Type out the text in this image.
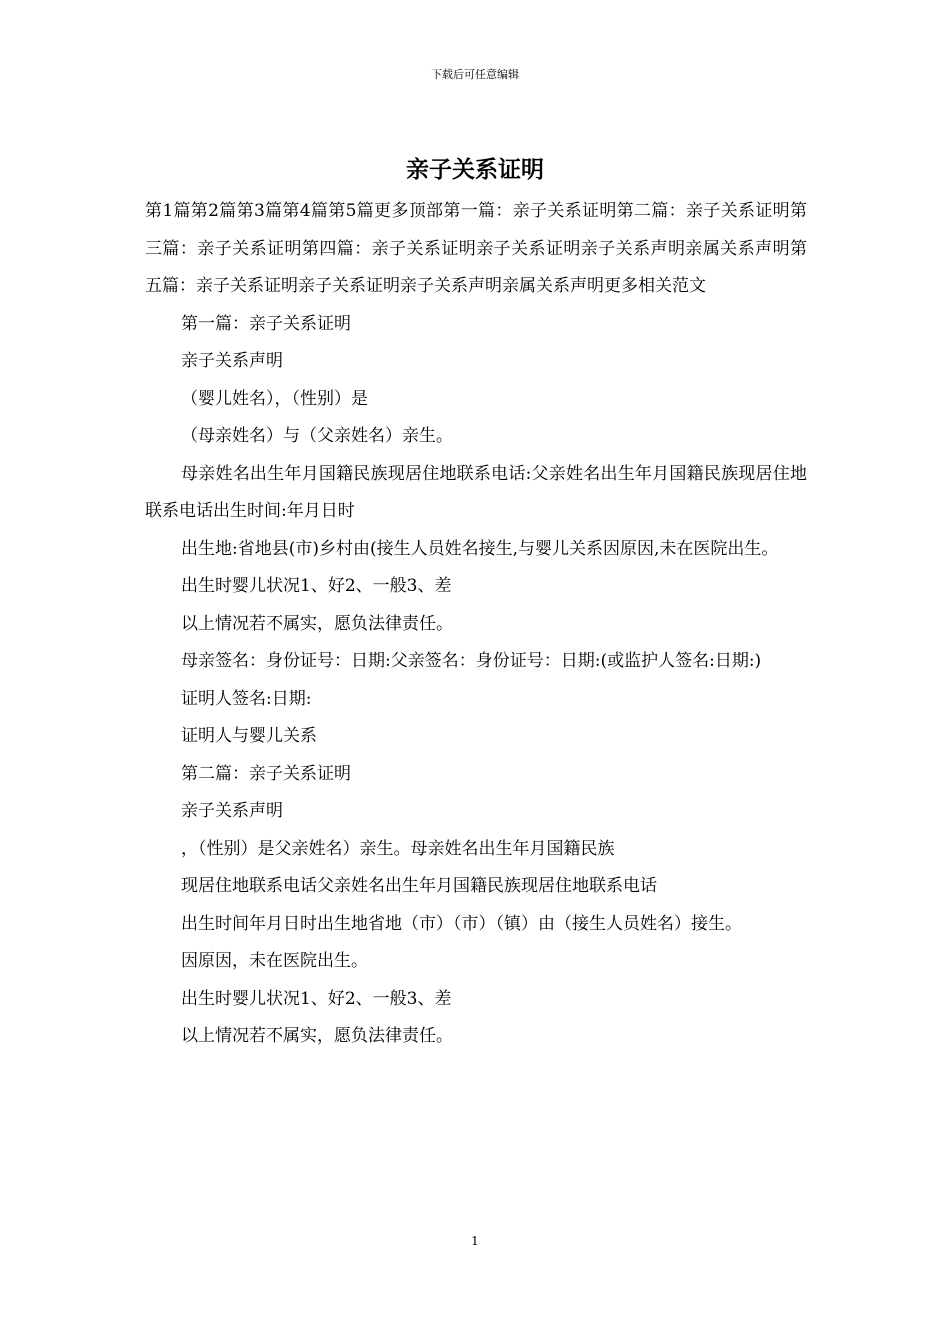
下载后可任意编辑
亲子关系证明

第1篇第2篇第3篇第4篇第5篇更多顶部第一篇：亲子关系证明第二篇：亲子关系证明第三篇：亲子关系证明第四篇：亲子关系证明亲子关系证明亲子关系声明亲属关系声明第五篇：亲子关系证明亲子关系证明亲子关系声明亲属关系声明更多相关范文

第一篇：亲子关系证明

亲子关系声明

（婴儿姓名），（性别）是

（母亲姓名）与（父亲姓名）亲生。

母亲姓名出生年月国籍民族现居住地联系电话:父亲姓名出生年月国籍民族现居住地联系电话出生时间:年月日时

出生地:省地县(市)乡村由(接生人员姓名接生,与婴儿关系因原因,未在医院出生。

出生时婴儿状况1、好2、一般3、差

以上情况若不属实，愿负法律责任。

母亲签名：身份证号：日期:父亲签名：身份证号：日期:(或监护人签名:日期:)

证明人签名:日期:

证明人与婴儿关系

第二篇：亲子关系证明

亲子关系声明

，（性别）是父亲姓名）亲生。母亲姓名出生年月国籍民族

现居住地联系电话父亲姓名出生年月国籍民族现居住地联系电话

出生时间年月日时出生地省地（市）（市）（镇）由（接生人员姓名）接生。

因原因，未在医院出生。

出生时婴儿状况1、好2、一般3、差

以上情况若不属实，愿负法律责任。

1
